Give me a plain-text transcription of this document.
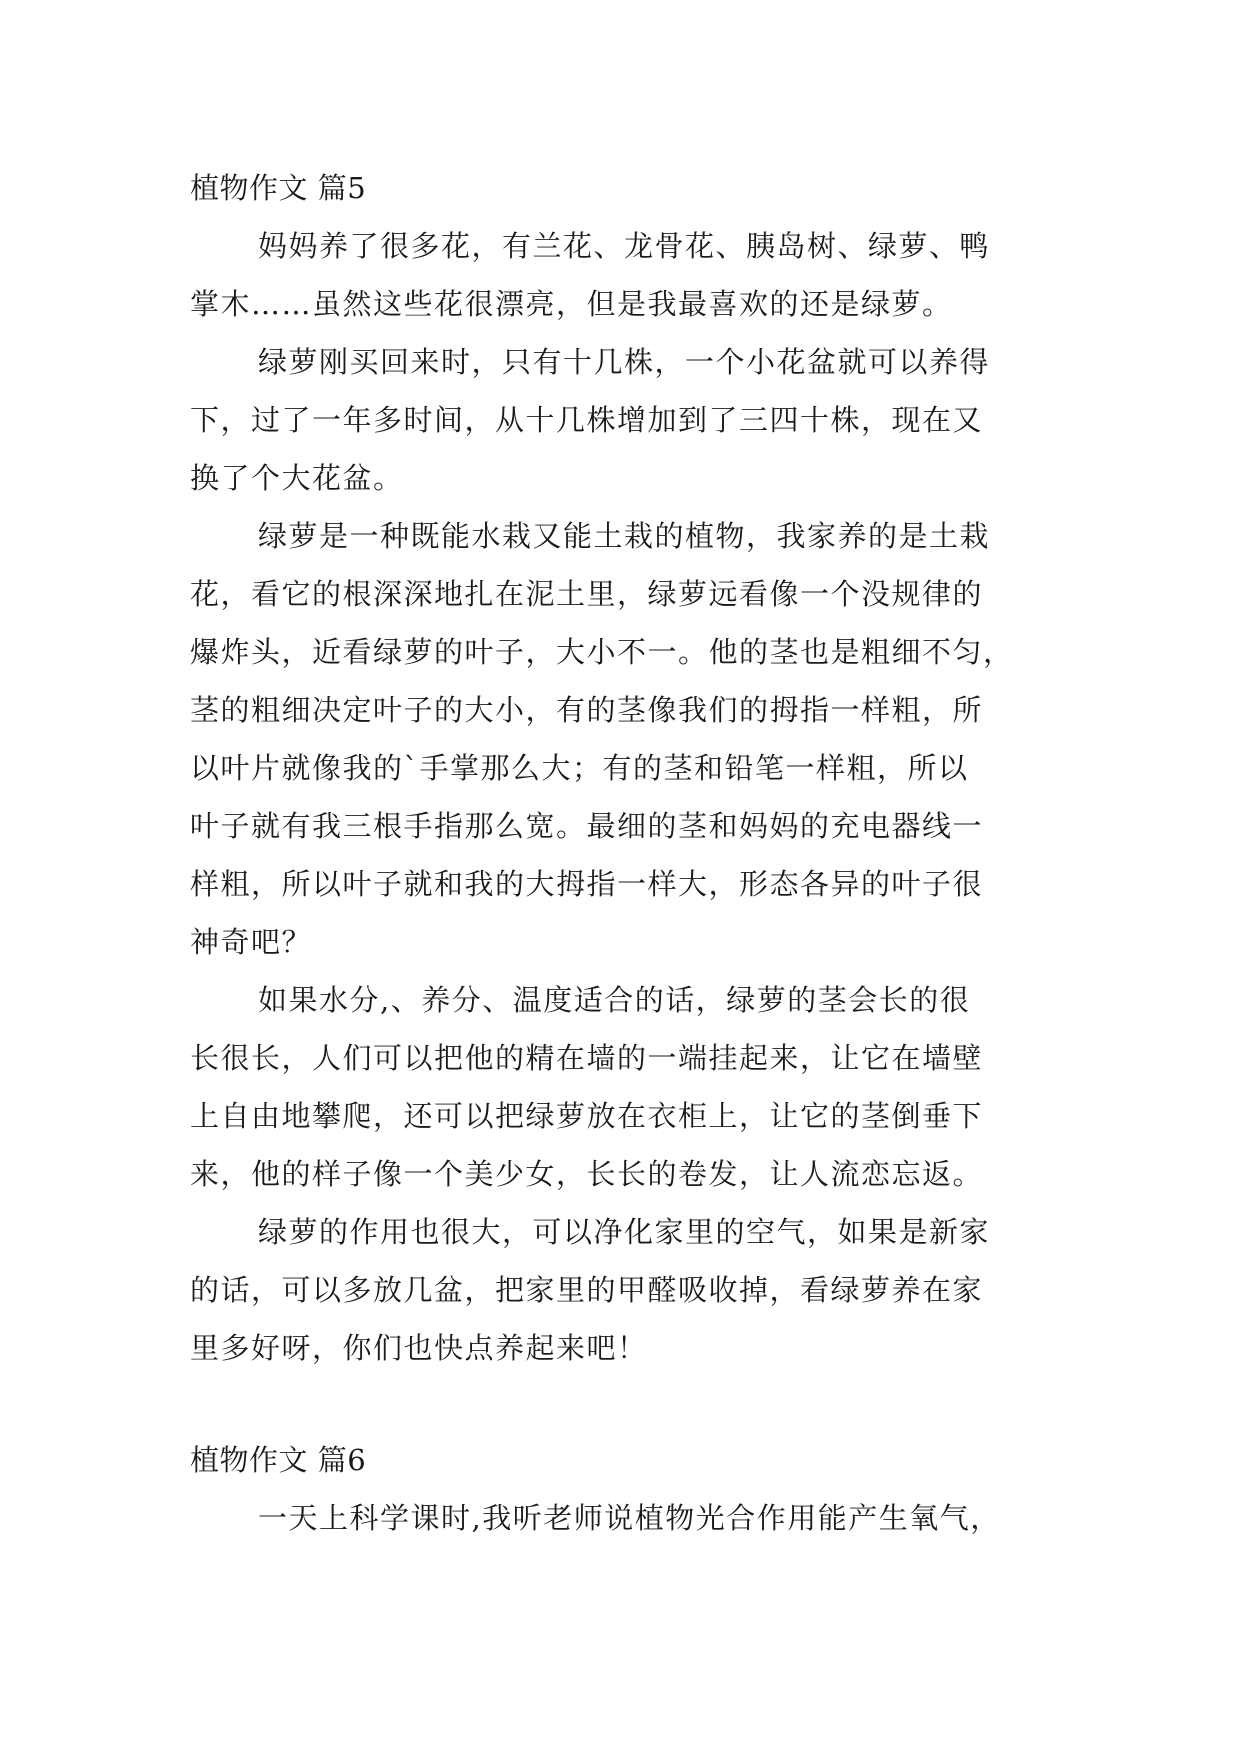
植物作文 篇5
妈妈养了很多花，有兰花、龙骨花、胰岛树、绿萝、鸭
掌木……虽然这些花很漂亮，但是我最喜欢的还是绿萝。
绿萝刚买回来时，只有十几株，一个小花盆就可以养得
下，过了一年多时间，从十几株增加到了三四十株，现在又
换了个大花盆。
绿萝是一种既能水栽又能土栽的植物，我家养的是土栽
花，看它的根深深地扎在泥土里，绿萝远看像一个没规律的
爆炸头，近看绿萝的叶子，大小不一。他的茎也是粗细不匀，
茎的粗细决定叶子的大小，有的茎像我们的拇指一样粗，所
以叶片就像我的`手掌那么大；有的茎和铅笔一样粗，所以
叶子就有我三根手指那么宽。最细的茎和妈妈的充电器线一
样粗，所以叶子就和我的大拇指一样大，形态各异的叶子很
神奇吧？
如果水分,、养分、温度适合的话，绿萝的茎会长的很
长很长，人们可以把他的精在墙的一端挂起来，让它在墙壁
上自由地攀爬，还可以把绿萝放在衣柜上，让它的茎倒垂下
来，他的样子像一个美少女，长长的卷发，让人流恋忘返。
绿萝的作用也很大，可以净化家里的空气，如果是新家
的话，可以多放几盆，把家里的甲醛吸收掉，看绿萝养在家
里多好呀，你们也快点养起来吧！
植物作文 篇6
一天上科学课时,我听老师说植物光合作用能产生氧气，
